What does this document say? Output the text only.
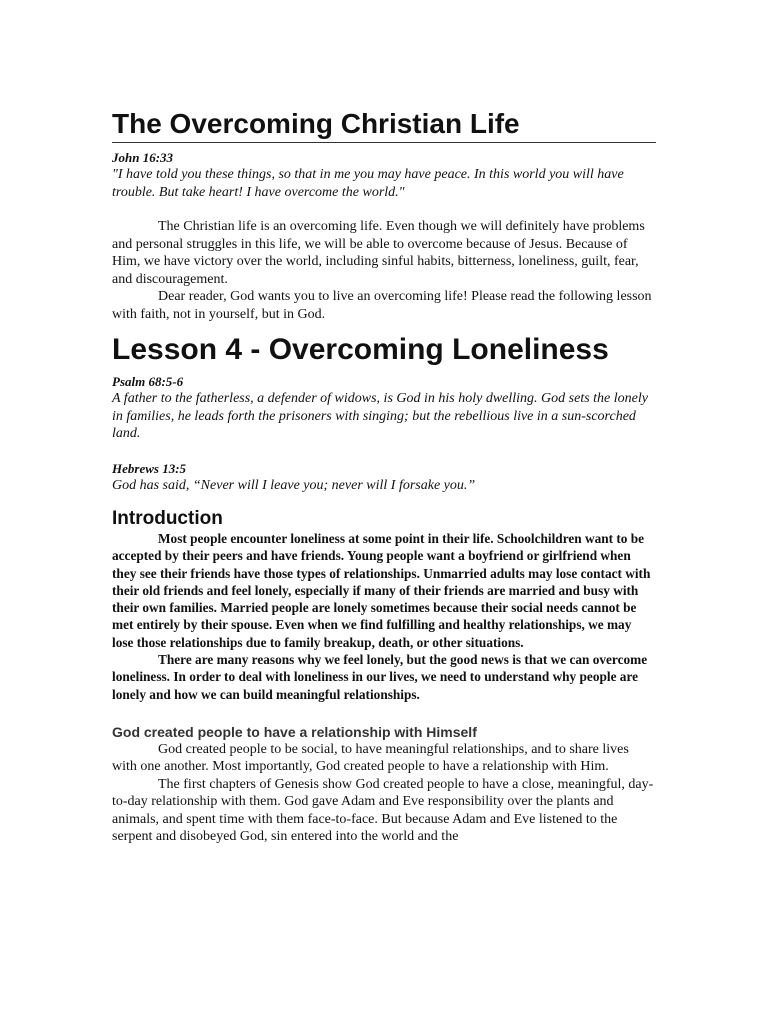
The Overcoming Christian Life

John 16:33

"I have told you these things, so that in me you may have peace. In this world you will have trouble. But take heart! I have overcome the world."

The Christian life is an overcoming life. Even though we will definitely have problems and personal struggles in this life, we will be able to overcome because of Jesus. Because of Him, we have victory over the world, including sinful habits, bitterness, loneliness, guilt, fear, and discouragement.

Dear reader, God wants you to live an overcoming life! Please read the following lesson with faith, not in yourself, but in God.

Lesson 4 - Overcoming Loneliness

Psalm 68:5-6

A father to the fatherless, a defender of widows, is God in his holy dwelling. God sets the lonely in families, he leads forth the prisoners with singing; but the rebellious live in a sun-scorched land.

Hebrews 13:5

God has said, “Never will I leave you; never will I forsake you.”

Introduction

Most people encounter loneliness at some point in their life. Schoolchildren want to be accepted by their peers and have friends. Young people want a boyfriend or girlfriend when they see their friends have those types of relationships. Unmarried adults may lose contact with their old friends and feel lonely, especially if many of their friends are married and busy with their own families. Married people are lonely sometimes because their social needs cannot be met entirely by their spouse. Even when we find fulfilling and healthy relationships, we may lose those relationships due to family breakup, death, or other situations.

There are many reasons why we feel lonely, but the good news is that we can overcome loneliness. In order to deal with loneliness in our lives, we need to understand why people are lonely and how we can build meaningful relationships.

God created people to have a relationship with Himself

God created people to be social, to have meaningful relationships, and to share lives with one another. Most importantly, God created people to have a relationship with Him.

The first chapters of Genesis show God created people to have a close, meaningful, day-to-day relationship with them. God gave Adam and Eve responsibility over the plants and animals, and spent time with them face-to-face. But because Adam and Eve listened to the serpent and disobeyed God, sin entered into the world and the
